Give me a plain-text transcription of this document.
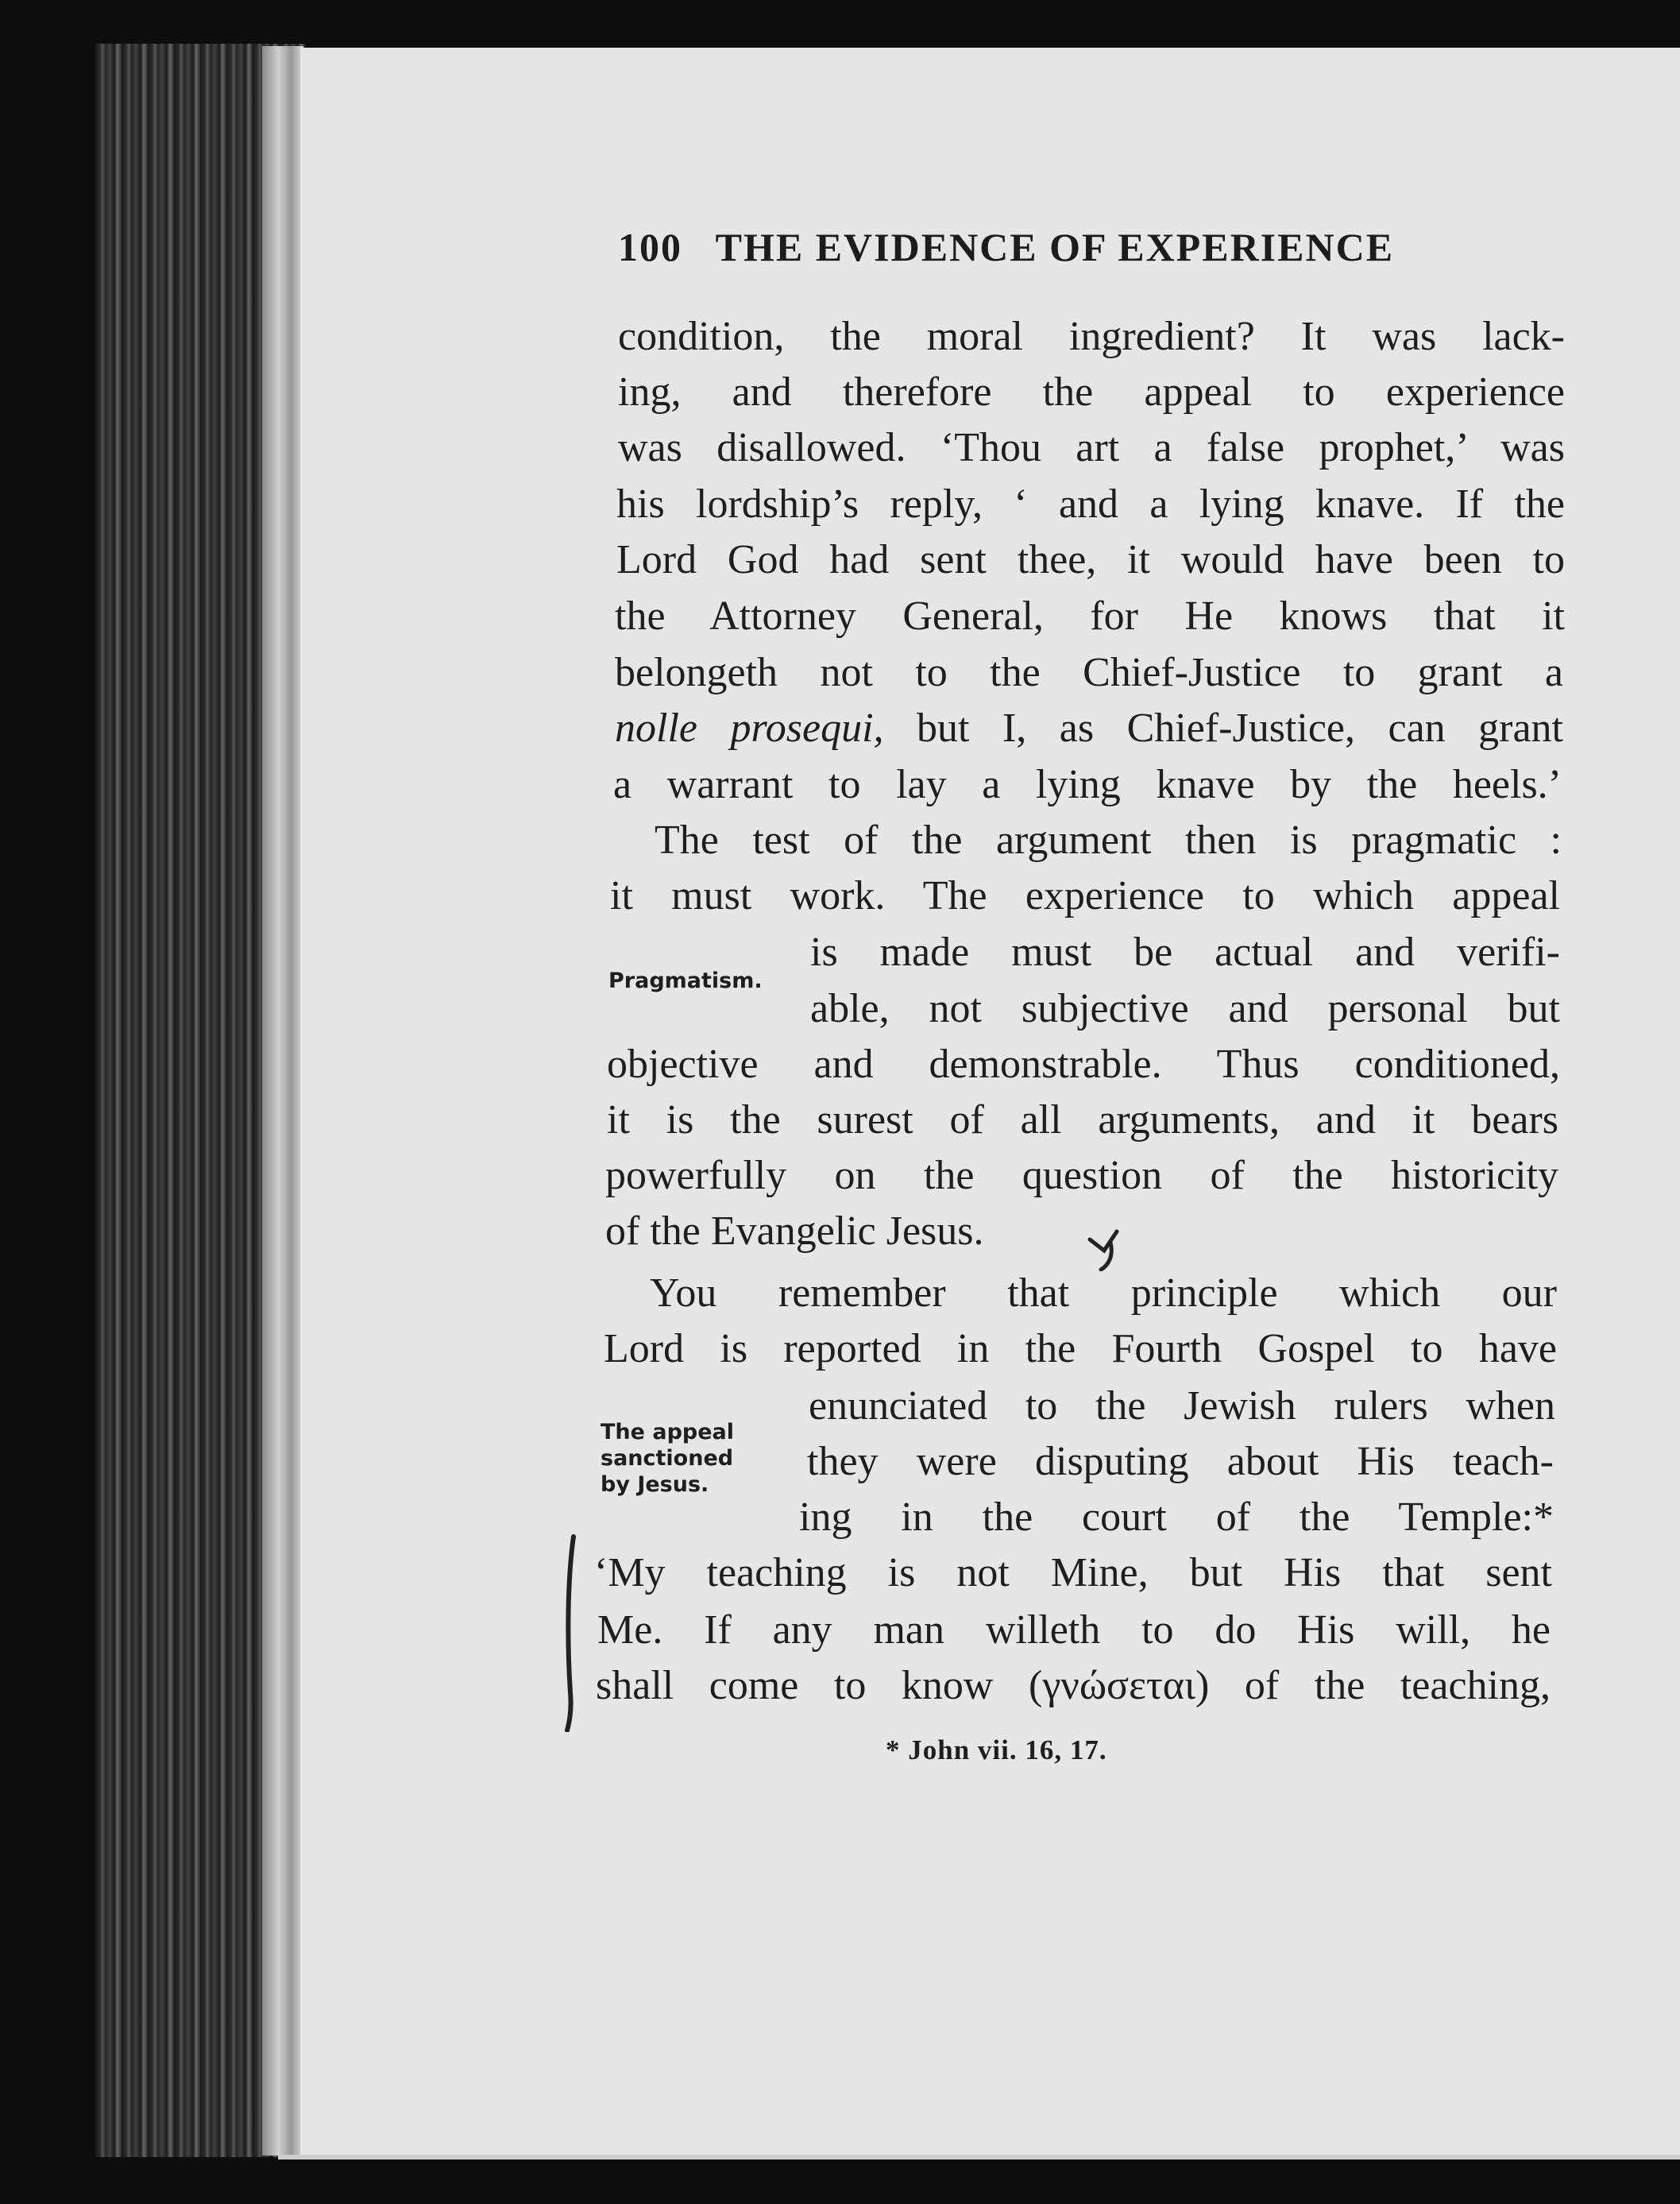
100 THE EVIDENCE OF EXPERIENCE
condition, the moral ingredient? It was lack-
ing, and therefore the appeal to experience
was disallowed. ‘Thou art a false prophet,’ was
his lordship’s reply, ‘ and a lying knave. If the
Lord God had sent thee, it would have been to
the Attorney General, for He knows that it
belongeth not to the Chief-Justice to grant a
nolle prosequi, but I, as Chief-Justice, can grant
a warrant to lay a lying knave by the heels.’
The test of the argument then is pragmatic :
it must work. The experience to which appeal
is made must be actual and verifi-
able, not subjective and personal but
objective and demonstrable. Thus conditioned,
it is the surest of all arguments, and it bears
powerfully on the question of the historicity
of the Evangelic Jesus.
You remember that principle which our
Lord is reported in the Fourth Gospel to have
enunciated to the Jewish rulers when
they were disputing about His teach-
ing in the court of the Temple:*
‘My teaching is not Mine, but His that sent
Me. If any man willeth to do His will, he
shall come to know (γνώσεται) of the teaching,
Pragmatism.
The appeal
sanctioned
by Jesus.
* John vii. 16, 17.
